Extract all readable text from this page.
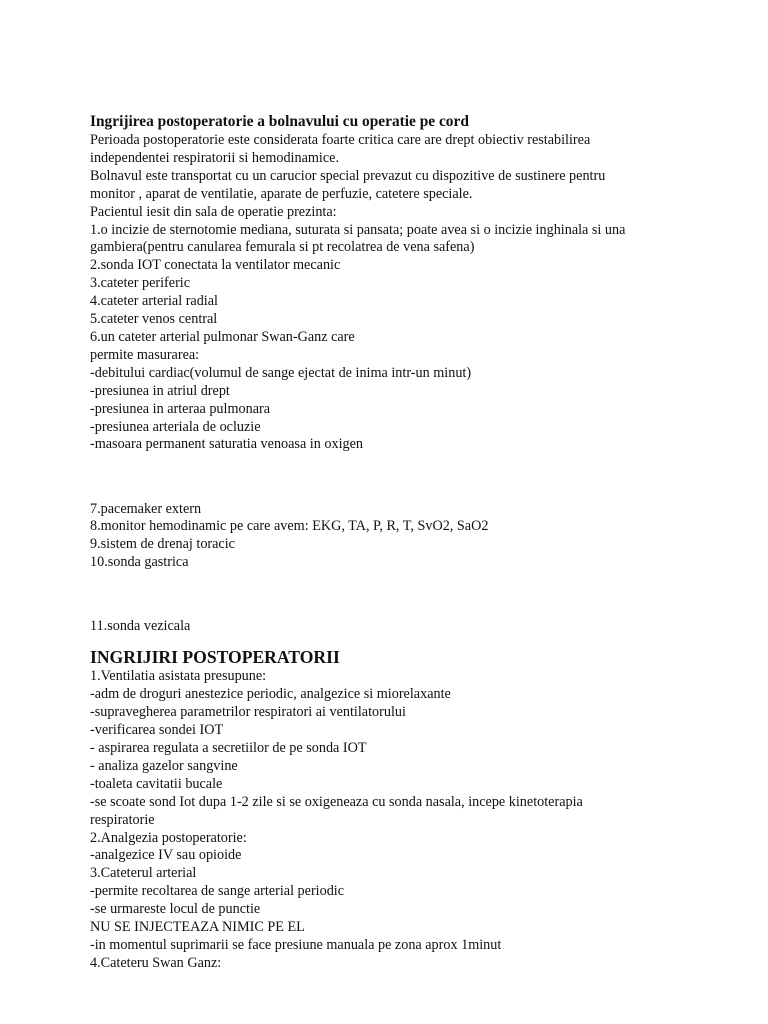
Ingrijirea postoperatorie a bolnavului cu operatie pe cord

Perioada postoperatorie este considerata foarte critica care are drept obiectiv restabilirea

independentei respiratorii si hemodinamice.

Bolnavul este transportat cu un carucior special prevazut cu dispozitive de sustinere pentru

monitor , aparat de ventilatie, aparate de perfuzie, catetere speciale.

Pacientul iesit din sala de operatie prezinta:

1.o incizie de sternotomie mediana, suturata si pansata; poate avea si o incizie inghinala si una

gambiera(pentru canularea femurala si pt recolatrea de vena safena)

2.sonda IOT conectata la ventilator mecanic

3.cateter periferic

4.cateter arterial radial

5.cateter venos central

6.un cateter arterial pulmonar Swan-Ganz care

permite masurarea:

-debitului cardiac(volumul de sange ejectat de inima intr-un minut)

-presiunea in atriul drept

-presiunea in arteraa pulmonara

-presiunea arteriala de ocluzie

-masoara permanent saturatia venoasa in oxigen

7.pacemaker extern

8.monitor hemodinamic pe care avem: EKG, TA, P, R, T, SvO2, SaO2

9.sistem de drenaj toracic

10.sonda gastrica

11.sonda vezicala

INGRIJIRI POSTOPERATORII

1.Ventilatia asistata presupune:

-adm de droguri anestezice periodic, analgezice si miorelaxante

-supravegherea parametrilor respiratori ai ventilatorului

-verificarea sondei IOT

- aspirarea regulata a secretiilor de pe sonda IOT

- analiza gazelor sangvine

-toaleta cavitatii bucale

-se scoate sond Iot dupa 1-2 zile si se oxigeneaza cu sonda nasala, incepe kinetoterapia

respiratorie

2.Analgezia postoperatorie:

-analgezice IV sau opioide

3.Cateterul arterial

-permite recoltarea de sange arterial periodic

-se urmareste locul de punctie

NU SE INJECTEAZA NIMIC PE EL

-in momentul suprimarii se face presiune manuala pe zona aprox 1minut

4.Cateteru Swan Ganz:
